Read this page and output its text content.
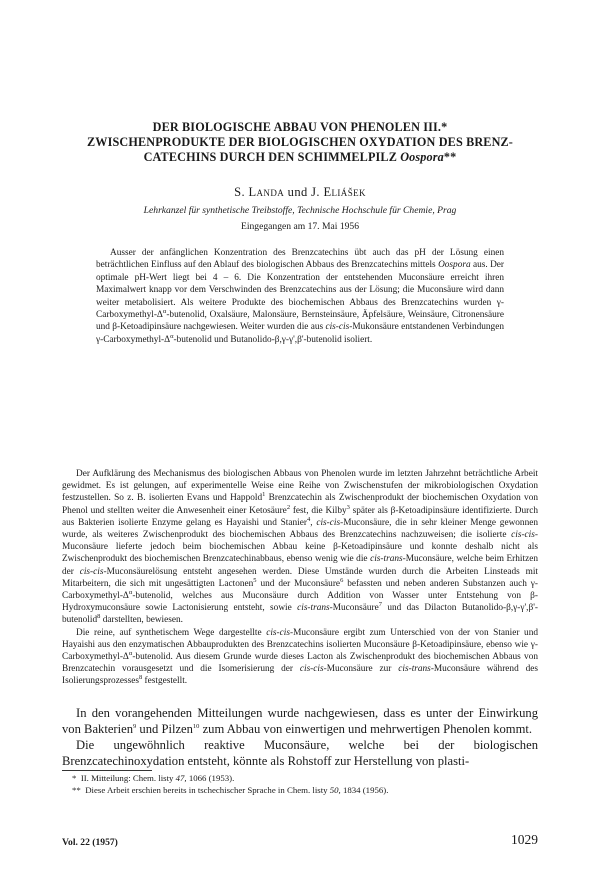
DER BIOLOGISCHE ABBAU VON PHENOLEN III.*
ZWISCHENPRODUKTE DER BIOLOGISCHEN OXYDATION DES BRENZ-
CATECHINS DURCH DEN SCHIMMELPILZ Oospora**
S. Landa und J. Eliášek
Lehrkanzel für synthetische Treibstoffe, Technische Hochschule für Chemie, Prag
Eingegangen am 17. Mai 1956

Ausser der anfänglichen Konzentration des Brenzcatechins übt auch das pH der Lösung einen beträchtlichen Einfluss auf den Ablauf des biologischen Abbaus des Brenzcatechins mittels Oospora aus. Der optimale pH-Wert liegt bei 4 – 6. Die Konzentration der entstehenden Muconsäure erreicht ihren Maximalwert knapp vor dem Verschwinden des Brenzcatechins aus der Lösung; die Muconsäure wird dann weiter metabolisiert. Als weitere Produkte des biochemischen Abbaus des Brenzcatechins wurden $\gamma-Carboxymethyl-\Delta^\alpha$-butenolid, Oxalsäure, Malonsäure, Bernsteinsäure, Äpfelsäure, Weinsäure, Citronensäure und β-Ketoadipinsäure nachgewiesen. Weiter wurden die aus cis-cis-Mukonsäure entstandenen Verbindungen $\gamma-Carboxymethyl-\Delta^\alpha$-butenolid und Butanolido-β,γ-γ',β'-butenolid isoliert.

Der Aufklärung des Mechanismus des biologischen Abbaus von Phenolen wurde im letzten Jahrzehnt beträchtliche Arbeit gewidmet. Es ist gelungen, auf experimentelle Weise eine Reihe von Zwischenstufen der mikrobiologischen Oxydation festzustellen. So z. B. isolierten Evans und Happold$^1$ Brenzcatechin als Zwischenprodukt der biochemischen Oxydation von Phenol und stellten weiter die Anwesenheit einer Ketosäure$^2$ fest, die Kilby$^3$ später als β-Ketoadipinsäure identifizierte. Durch aus Bakterien isolierte Enzyme gelang es Hayaishi und Stanier$^4$, cis-cis-Muconsäure, die in sehr kleiner Menge gewonnen wurde, als weiteres Zwischenprodukt des biochemischen Abbaus des Brenzcatechins nachzuweisen; die isolierte cis-cis-Muconsäure lieferte jedoch beim biochemischen Abbau keine β-Ketoadipinsäure und konnte deshalb nicht als Zwischenprodukt des biochemischen Brenzcatechinabbaus, ebenso wenig wie die cis-trans-Muconsäure, welche beim Erhitzen der cis-cis-Muconsäurelösung entsteht angesehen werden. Diese Umstände wurden durch die Arbeiten Linsteads mit Mitarbeitern, die sich mit ungesättigten Lactonen$^5$ und der Muconsäure$^6$ befassten und neben anderen Substanzen auch $\gamma-Carboxymethyl-\Delta^\alpha$-butenolid, welches aus Muconsäure durch Addition von Wasser unter Entstehung von β-Hydroxymuconsäure sowie Lactonisierung entsteht, sowie cis-trans-Muconsäure$^7$ und das Dilacton Butanolido-β,γ-γ',β'-butenolid$^8$ darstellten, bewiesen.

Die reine, auf synthetischem Wege dargestellte cis-cis-Muconsäure ergibt zum Unterschied von der von Stanier und Hayaishi aus den enzymatischen Abbauprodukten des Brenzcatechins isolierten Muconsäure β-Ketoadipinsäure, ebenso wie $\gamma-Carboxymethyl-\Delta^\alpha$-butenolid. Aus diesem Grunde wurde dieses Lacton als Zwischenprodukt des biochemischen Abbaus von Brenzcatechin vorausgesetzt und die Isomerisierung der cis-cis-Muconsäure zur cis-trans-Muconsäure während des Isolierungsprozesses$^8$ festgestellt.

In den vorangehenden Mitteilungen wurde nachgewiesen, dass es unter der Einwirkung von Bakterien$^9$ und Pilzen$^{10}$ zum Abbau von einwertigen und mehrwertigen Phenolen kommt.

Die ungewöhnlich reaktive Muconsäure, welche bei der biologischen Brenzcatechinoxydation entsteht, könnte als Rohstoff zur Herstellung von plasti-

* II. Mitteilung: Chem. listy 47, 1066 (1953).
** Diese Arbeit erschien bereits in tschechischer Sprache in Chem. listy 50, 1834 (1956).
Vol. 22 (1957)	1029
